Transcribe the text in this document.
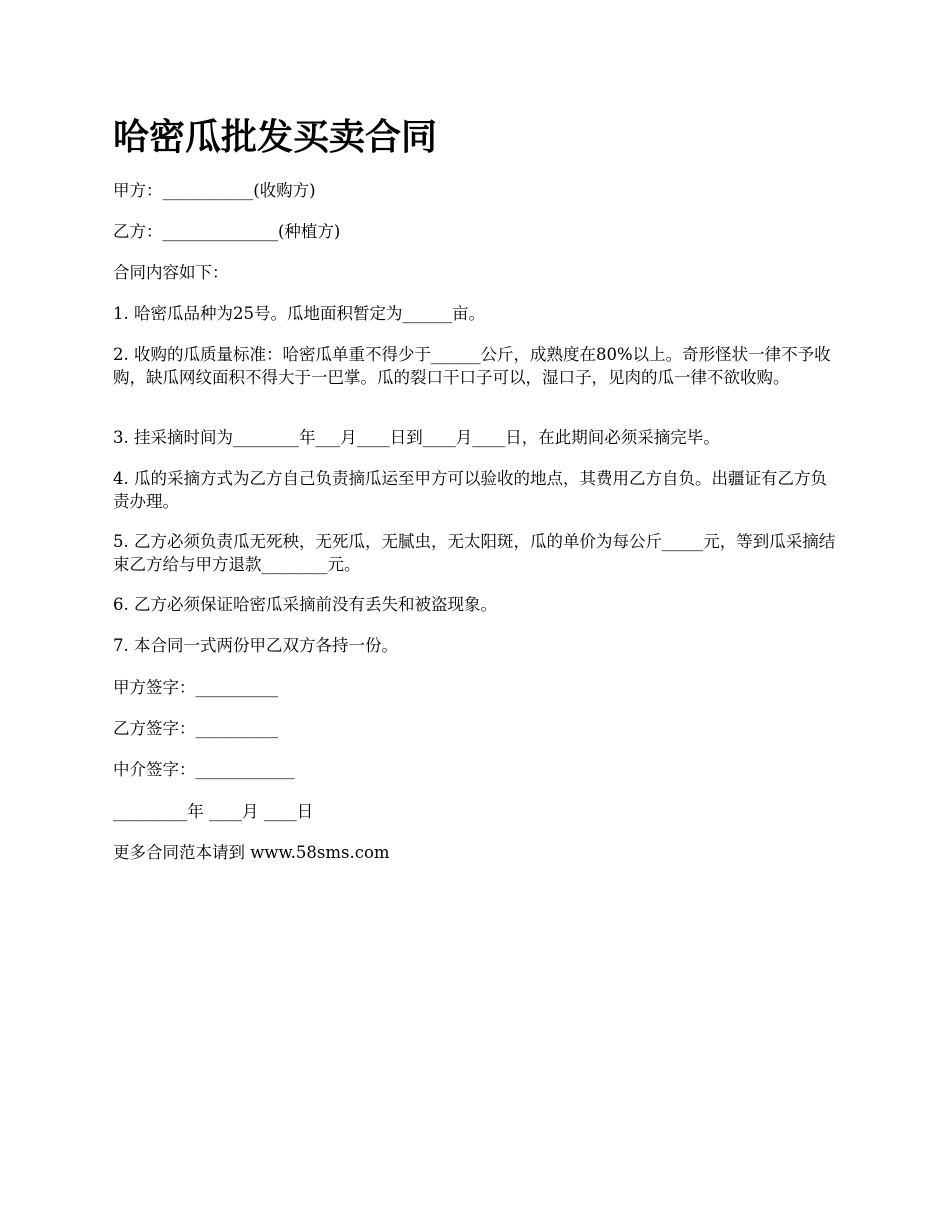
哈密瓜批发买卖合同

甲方：___________(收购方)

乙方：______________(种植方)

合同内容如下：

1. 哈密瓜品种为25号。瓜地面积暂定为______亩。

2. 收购的瓜质量标准：哈密瓜单重不得少于______公斤，成熟度在80%以上。奇形怪状一律不予收购，缺瓜网纹面积不得大于一巴掌。瓜的裂口干口子可以，湿口子，见肉的瓜一律不欲收购。

3. 挂采摘时间为________年___月____日到____月____日，在此期间必须采摘完毕。

4. 瓜的采摘方式为乙方自己负责摘瓜运至甲方可以验收的地点，其费用乙方自负。出疆证有乙方负责办理。

5. 乙方必须负责瓜无死秧，无死瓜，无腻虫，无太阳斑，瓜的单价为每公斤_____元，等到瓜采摘结束乙方给与甲方退款________元。

6. 乙方必须保证哈密瓜采摘前没有丢失和被盗现象。

7. 本合同一式两份甲乙双方各持一份。

甲方签字：__________

乙方签字：__________

中介签字：____________

_________年 ____月 ____日

更多合同范本请到 www.58sms.com
